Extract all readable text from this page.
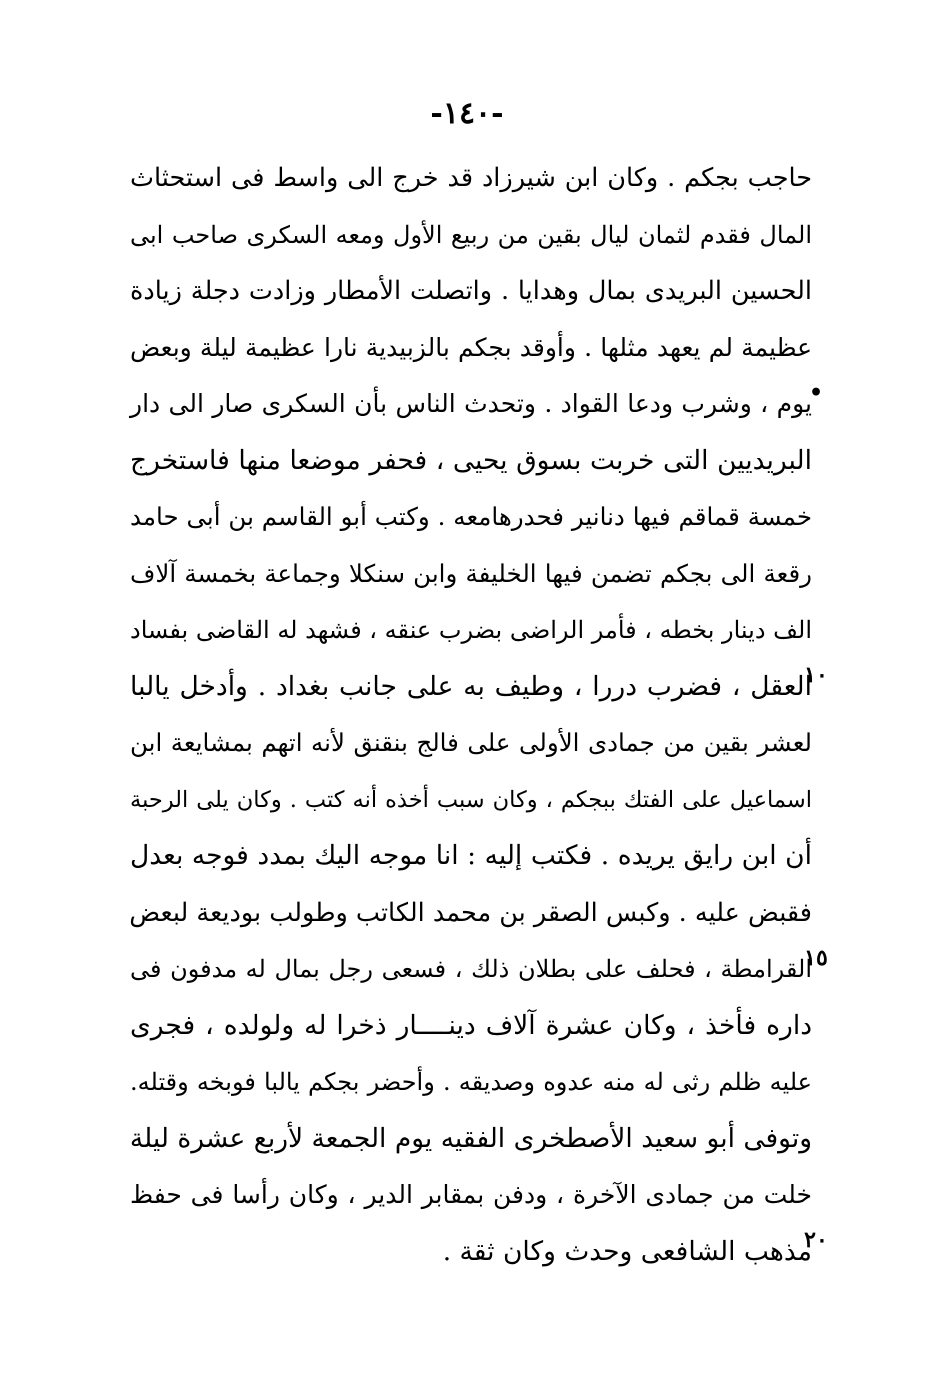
-١٤٠-
حاجب بجكم . وكان ابن شيرزاد قد خرج الى واسط فى استحثاث
المال فقدم لثمان ليال بقين من ربيع الأول ومعه السكرى صاحب ابى
الحسين البريدى بمال وهدايا . واتصلت الأمطار وزادت دجلة زيادة
عظيمة لم يعهد مثلها . وأوقد بجكم بالزبيدية نارا عظيمة ليلة وبعض
يوم ، وشرب ودعا القواد . وتحدث الناس بأن السكرى صار الى دار
البريديين التى خربت بسوق يحيى ، فحفر موضعا منها فاستخرج
خمسة قماقم فيها دنانير فحدرهامعه . وكتب أبو القاسم بن أبى حامد
رقعة الى بجكم تضمن فيها الخليفة وابن سنكلا وجماعة بخمسة آلاف
الف دينار بخطه ، فأمر الراضى بضرب عنقه ، فشهد له القاضى بفساد
العقل ، فضرب دررا ، وطيف به على جانب بغداد . وأدخل يالبا
لعشر بقين من جمادى الأولى على فالج بنقنق لأنه اتهم بمشايعة ابن
اسماعيل على الفتك ببجكم ، وكان سبب أخذه أنه كتب . وكان يلى الرحبة
أن ابن رايق يريده . فكتب إليه : انا موجه اليك بمدد فوجه بعدل
فقبض عليه . وكبس الصقر بن محمد الكاتب وطولب بوديعة لبعض
القرامطة ، فحلف على بطلان ذلك ، فسعى رجل بمال له مدفون فى
داره فأخذ ، وكان عشرة آلاف دينــــار ذخرا له ولولده ، فجرى
عليه ظلم رثى له منه عدوه وصديقه . وأحضر بجكم يالبا فوبخه وقتله.
وتوفى أبو سعيد الأصطخرى الفقيه يوم الجمعة لأربع عشرة ليلة
خلت من جمادى الآخرة ، ودفن بمقابر الدير ، وكان رأسا فى حفظ
مذهب الشافعى وحدث وكان ثقة .
•
١٠
١٥
٢٠
